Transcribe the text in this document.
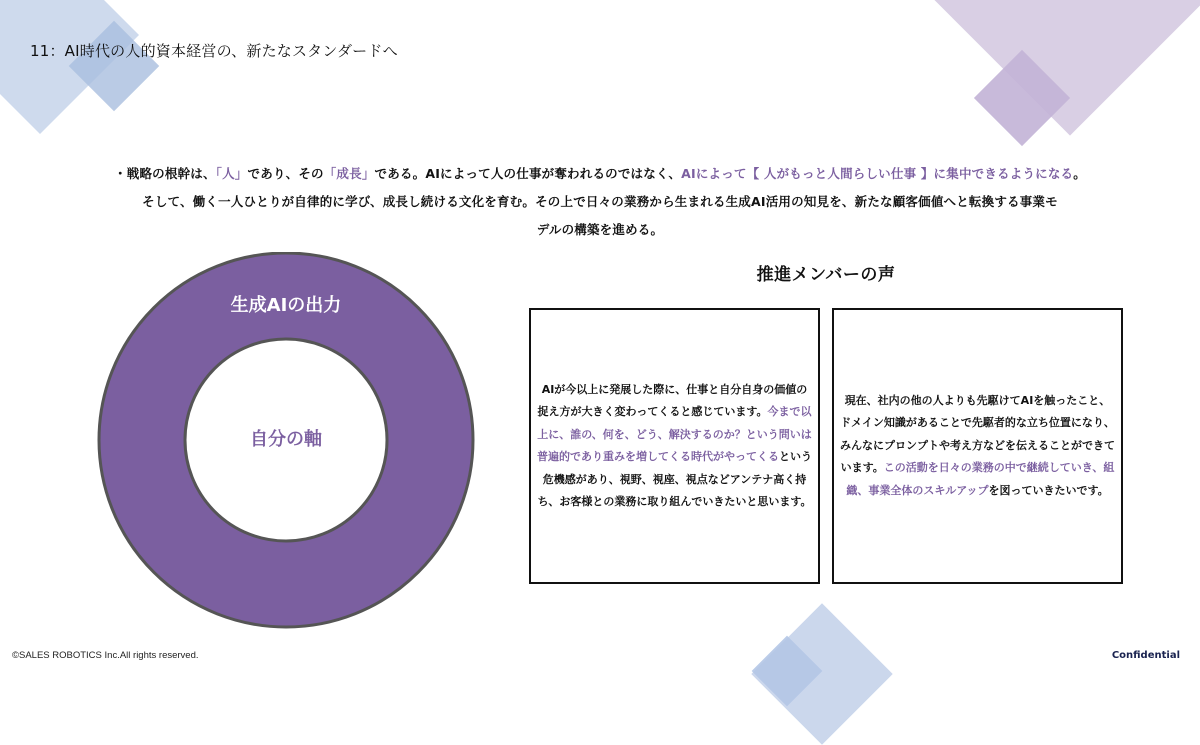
11：AI時代の人的資本経営の、新たなスタンダードへ
・戦略の根幹は、「人」であり、その「成長」である。AIによって人の仕事が奪われるのではなく、AIによって【 人がもっと人間らしい仕事 】に集中できるようになる。
そして、働く一人ひとりが自律的に学び、成長し続ける文化を育む。その上で日々の業務から生まれる生成AI活用の知見を、新たな顧客価値へと転換する事業モ
デルの構築を進める。
生成AIの出力
自分の軸
推進メンバーの声
AIが今以上に発展した際に、仕事と自分自身の価値の捉え方が大きく変わってくると感じています。今まで以上に、誰の、何を、どう、解決するのか？という問いは普遍的であり重みを増してくる時代がやってくるという危機感があり、視野、視座、視点などアンテナ高く持ち、お客様との業務に取り組んでいきたいと思います。
現在、社内の他の人よりも先駆けてAIを触ったこと、ドメイン知識があることで先駆者的な立ち位置になり、みんなにプロンプトや考え方などを伝えることができています。この活動を日々の業務の中で継続していき、組織、事業全体のスキルアップを図っていきたいです。
©SALES ROBOTICS Inc.All rights reserved.	Confidential
